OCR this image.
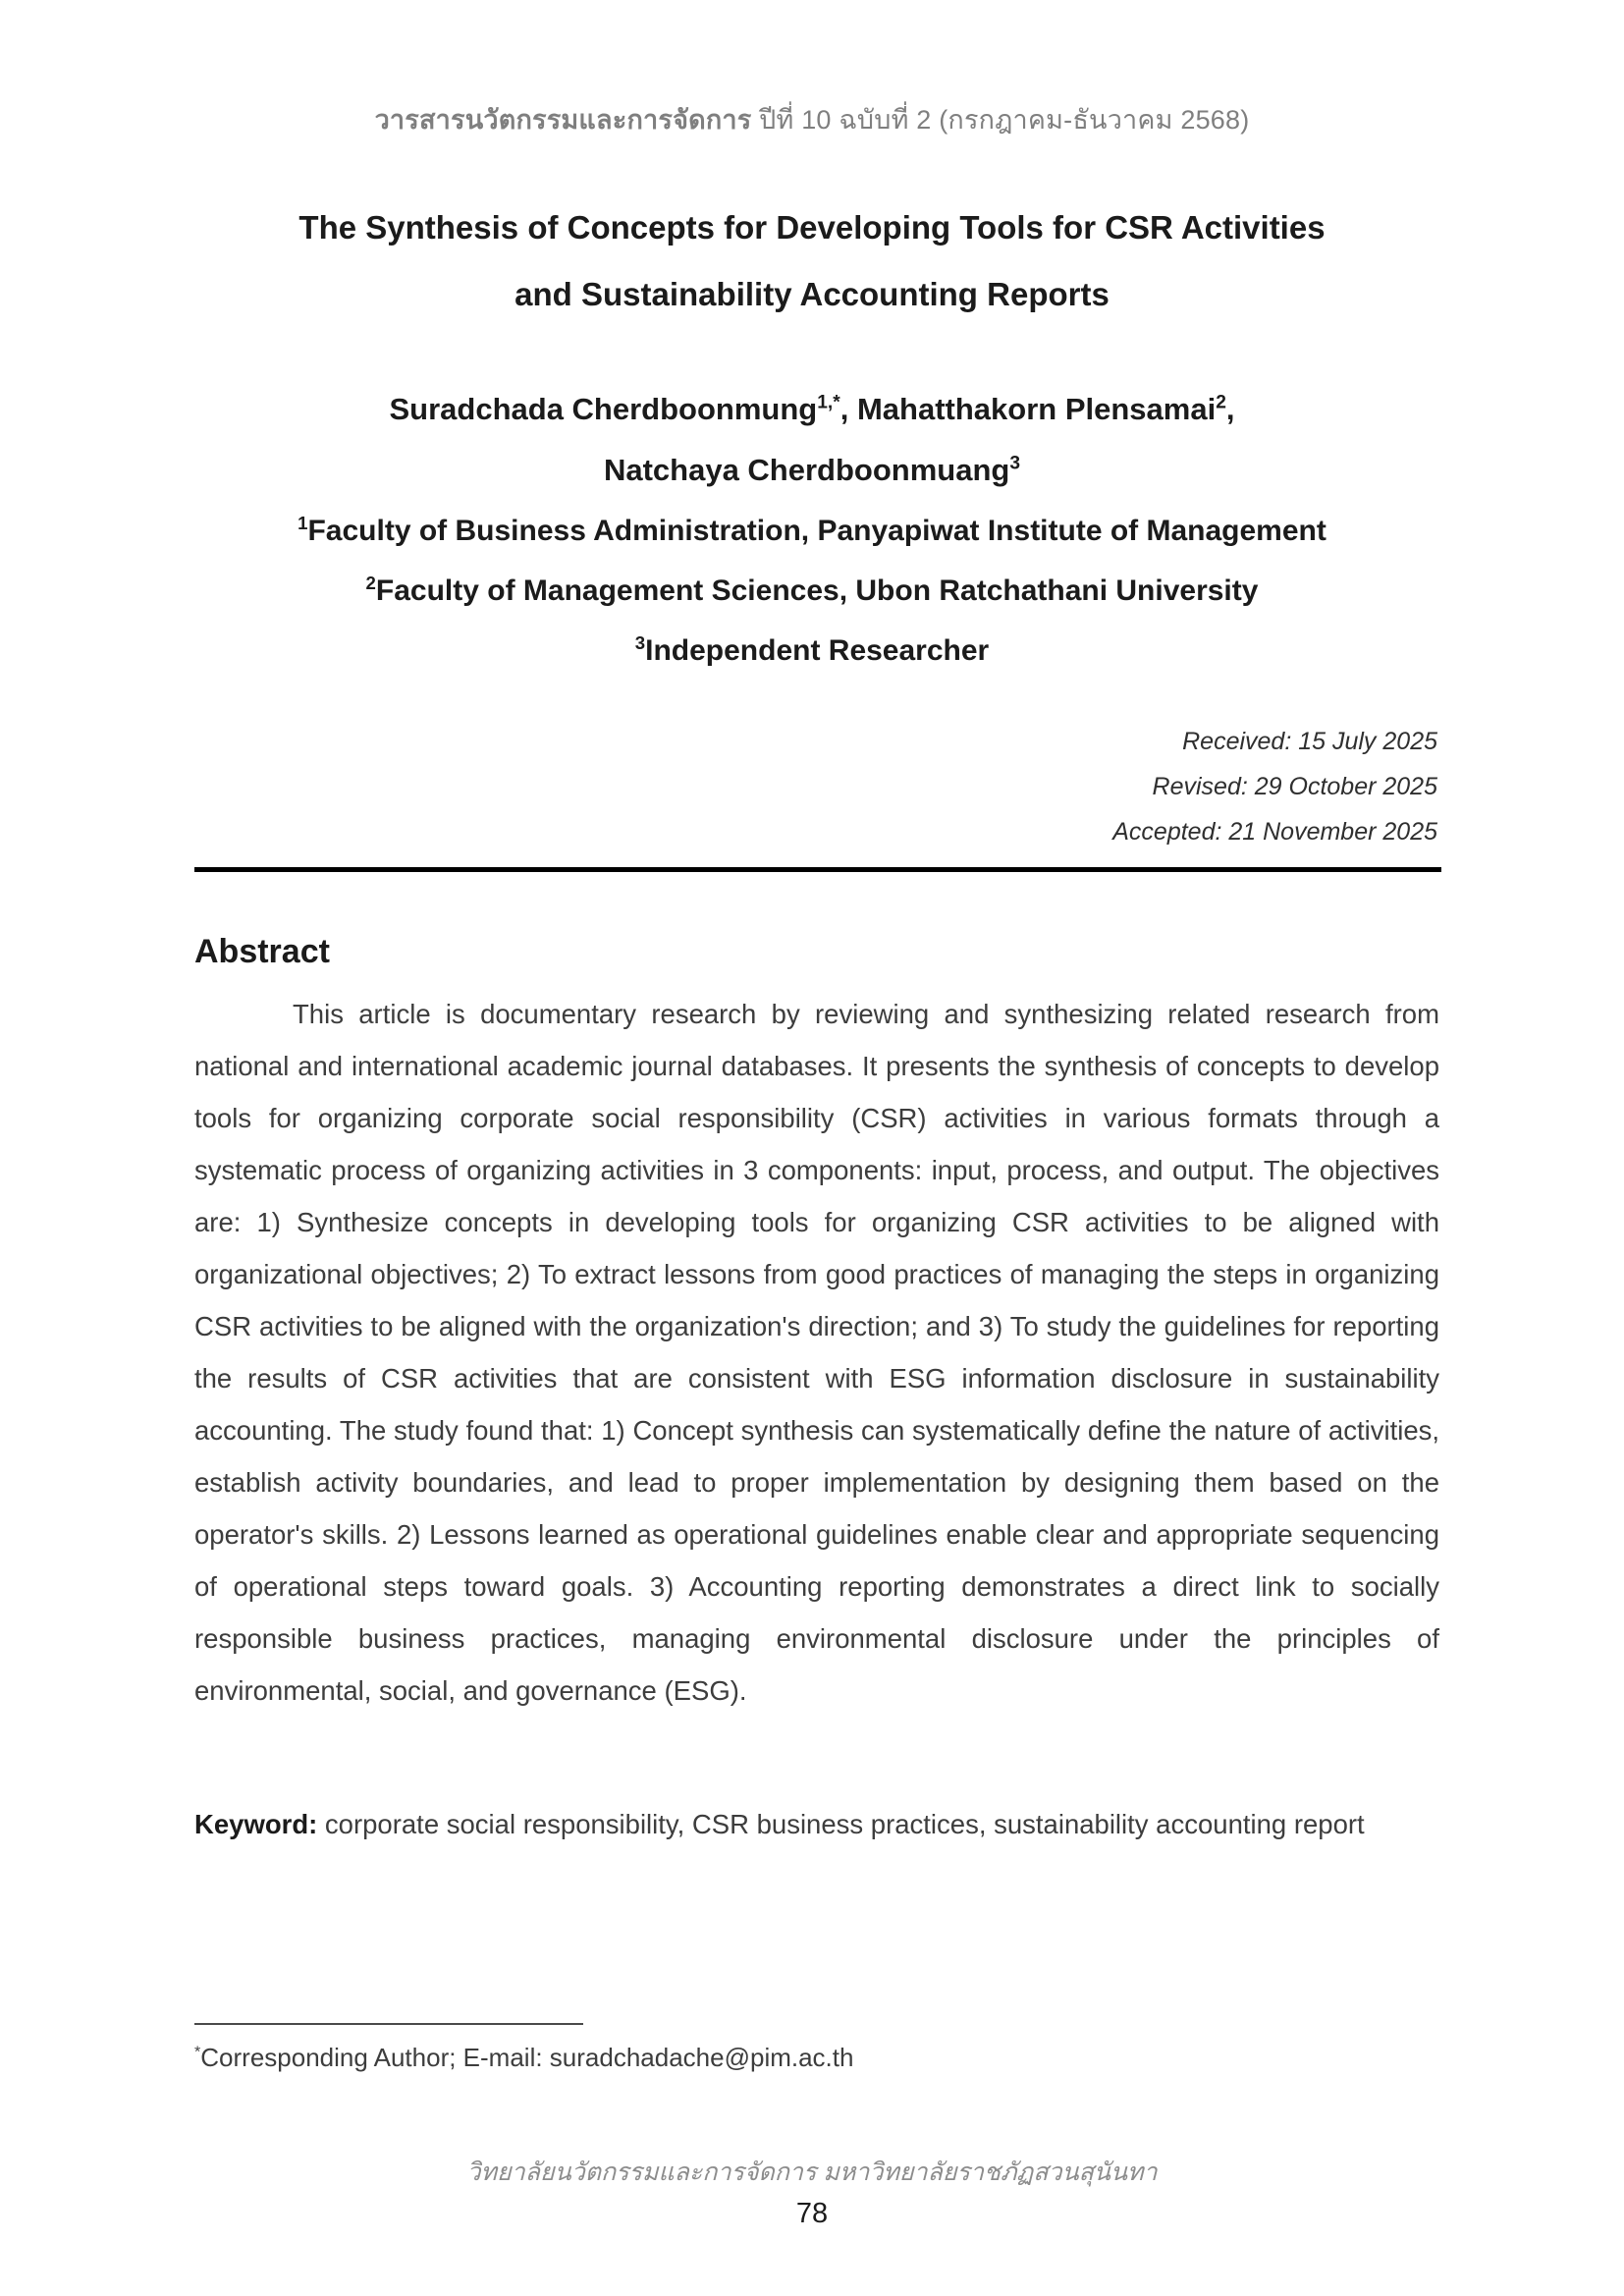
วารสารนวัตกรรมและการจัดการ ปีที่ 10 ฉบับที่ 2 (กรกฎาคม-ธันวาคม 2568)
The Synthesis of Concepts for Developing Tools for CSR Activities
and Sustainability Accounting Reports
Suradchada Cherdboonmung$^{1,*}$, Mahatthakorn Plensamai$^2$,
Natchaya Cherdboonmuang$^3$
$^1$Faculty of Business Administration, Panyapiwat Institute of Management
$^2$Faculty of Management Sciences, Ubon Ratchathani University
$^3$Independent Researcher
Received: 15 July 2025
Revised: 29 October 2025
Accepted: 21 November 2025
Abstract
This article is documentary research by reviewing and synthesizing related research from national and international academic journal databases. It presents the synthesis of concepts to develop tools for organizing corporate social responsibility (CSR) activities in various formats through a systematic process of organizing activities in 3 components: input, process, and output. The objectives are: 1) Synthesize concepts in developing tools for organizing CSR activities to be aligned with organizational objectives; 2) To extract lessons from good practices of managing the steps in organizing CSR activities to be aligned with the organization's direction; and 3) To study the guidelines for reporting the results of CSR activities that are consistent with ESG information disclosure in sustainability accounting. The study found that: 1) Concept synthesis can systematically define the nature of activities, establish activity boundaries, and lead to proper implementation by designing them based on the operator's skills. 2) Lessons learned as operational guidelines enable clear and appropriate sequencing of operational steps toward goals. 3) Accounting reporting demonstrates a direct link to socially responsible business practices, managing environmental disclosure under the principles of environmental, social, and governance (ESG).
Keyword: corporate social responsibility, CSR business practices, sustainability accounting report
*Corresponding Author; E-mail: suradchadache@pim.ac.th
วิทยาลัยนวัตกรรมและการจัดการ มหาวิทยาลัยราชภัฏสวนสุนันทา
78
